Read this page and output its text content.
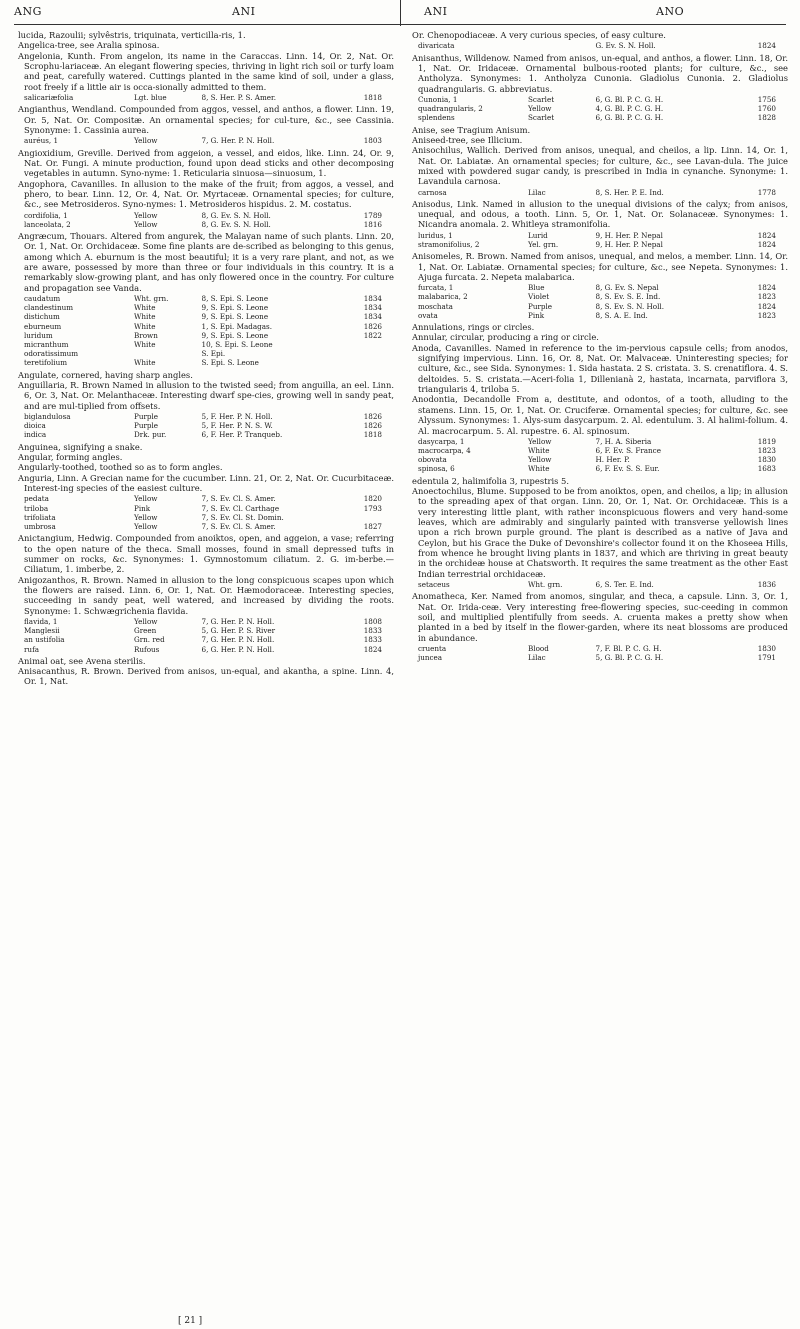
ANG	ANI	ANI	ANO

lucida, Razoulii; sylvêstris, triquinata, verticilla-ris, 1.

Angelica-tree, see Aralia spinosa.

Angelonia, Kunth. From angelon, its name in the Caraccas. Linn. 14, Or. 2, Nat. Or. Scrophu-lariaceæ. An elegant flowering species, thriving in light rich soil or turfy loam and peat, carefully watered. Cuttings planted in the same kind of soil, under a glass, root freely if a little air is occa-sionally admitted to them.

salicariæfolia	Lgt. blue	8, S. Her. P. S. Amer.	1818

Angianthus, Wendland. Compounded from aggos, vessel, and anthos, a flower. Linn. 19, Or. 5, Nat. Or. Compositæ. An ornamental species; for cul-ture, &c., see Cassinia. Synonyme: 1. Cassinia aurea.

auréus, 1	Yellow	7, G. Her. P. N. Holl.	1803

Angioxidium, Greville. Derived from aggeion, a vessel, and eidos, like. Linn. 24, Or. 9, Nat. Or. Fungi. A minute production, found upon dead sticks and other decomposing vegetables in autumn. Syno-nyme: 1. Reticularia sinuosa—sinuosum, 1.

Angophora, Cavanilles. In allusion to the make of the fruit; from aggos, a vessel, and phero, to bear. Linn. 12, Or. 4, Nat. Or. Myrtaceæ. Ornamental species; for culture, &c., see Metrosideros. Syno-nymes: 1. Metrosideros hispidus. 2. M. costatus.

cordifolia, 1	Yellow	8, G. Ev. S. N. Holl.	1789
lanceolata, 2	Yellow	8, G. Ev. S. N. Holl.	1816

Angræcum, Thouars. Altered from angurek, the Malayan name of such plants. Linn. 20, Or. 1, Nat. Or. Orchidaceæ. Some fine plants are de-scribed as belonging to this genus, among which A. eburnum is the most beautiful; it is a very rare plant, and not, as we are aware, possessed by more than three or four individuals in this country. It is a remarkably slow-growing plant, and has only flowered once in the country. For culture and propagation see Vanda.

caudatum	Wht. grn.	8, S. Epi. S. Leone	1834
clandestinum	White	9, S. Epi. S. Leone	1834
distichum	White	9, S. Epi. S. Leone	1834
eburneum	White	1, S. Epi. Madagas.	1826
luridum	Brown	9, S. Epi. S. Leone	1822
micranthum	White	10, S. Epi. S. Leone	
odoratissimum		S. Epi.	
teretifolium	White	S. Epi. S. Leone	

Angulate, cornered, having sharp angles.

Anguillaria, R. Brown Named in allusion to the twisted seed; from anguilla, an eel. Linn. 6, Or. 3, Nat. Or. Melanthaceæ. Interesting dwarf spe-cies, growing well in sandy peat, and are mul-tiplied from offsets.

biglandulosa	Purple	5, F. Her. P. N. Holl.	1826
dioica	Purple	5, F. Her. P. N. S. W.	1826
indica	Drk. pur.	6, F. Her. P. Tranqueb.	1818

Anguinea, signifying a snake.

Angular, forming angles.

Angularly-toothed, toothed so as to form angles.

Anguria, Linn. A Grecian name for the cucumber. Linn. 21, Or. 2, Nat. Or. Cucurbitaceæ. Interest-ing species of the easiest culture.

pedata	Yellow	7, S. Ev. Cl. S. Amer.	1820
triloba	Pink	7, S. Ev. Cl. Carthage	1793
trifoliata	Yellow	7, S. Ev. Cl. St. Domin.	
umbrosa	Yellow	7, S. Ev. Cl. S. Amer.	1827

Anictangium, Hedwig. Compounded from anoiktos, open, and aggeion, a vase; referring to the open nature of the theca. Small mosses, found in small depressed tufts in summer on rocks, &c. Synonymes: 1. Gymnostomum ciliatum. 2. G. im-berbe.—Ciliatum, 1. imberbe, 2.

Anigozanthos, R. Brown. Named in allusion to the long conspicuous scapes upon which the flowers are raised. Linn. 6, Or. 1, Nat. Or. Hæmodoraceæ. Interesting species, succeeding in sandy peat, well watered, and increased by dividing the roots. Synonyme: 1. Schwægrichenia flavida.

flavida, 1	Yellow	7, G. Her. P. N. Holl.	1808
Manglesii	Green	5, G. Her. P. S. River	1833
an ustifolia	Grn. red	7, G. Her. P. N. Holl.	1833
rufa	Rufous	6, G. Her. P. N. Holl.	1824

Animal oat, see Avena sterilis.

Anisacanthus, R. Brown. Derived from anisos, un-equal, and akantha, a spine. Linn. 4, Or. 1, Nat.

Or. Chenopodiaceæ. A very curious species, of easy culture.

divaricata		G. Ev. S. N. Holl.	1824

Anisanthus, Willdenow. Named from anisos, un-equal, and anthos, a flower. Linn. 18, Or. 1, Nat. Or. Iridaceæ. Ornamental bulbous-rooted plants; for culture, &c., see Antholyza. Synonymes: 1. Antholyza Cunonia. Gladiolus Cunonia. 2. Gladiolus quadrangularis. G. abbreviatus.

Cunonia, 1	Scarlet	6, G. Bl. P. C. G. H.	1756
quadrangularis, 2	Yellow	4, G. Bl. P. C. G. H.	1760
splendens	Scarlet	6, G. Bl. P. C. G. H.	1828

Anise, see Tragium Anisum.

Aniseed-tree, see Illicium.

Anisochilus, Wallich. Derived from anisos, unequal, and cheilos, a lip. Linn. 14, Or. 1, Nat. Or. Labiatæ. An ornamental species; for culture, &c., see Lavan-dula. The juice mixed with powdered sugar candy, is prescribed in India in cynanche. Synonyme: 1. Lavandula carnosa.

carnosa	Lilac	8, S. Her. P. E. Ind.	1778

Anisodus, Link. Named in allusion to the unequal divisions of the calyx; from anisos, unequal, and odous, a tooth. Linn. 5, Or. 1, Nat. Or. Solanaceæ. Synonymes: 1. Nicandra anomala. 2. Whitleya stramonifolia.

luridus, 1	Lurid	9, H. Her. P. Nepal	1824
stramonifolius, 2	Yel. grn.	9, H. Her. P. Nepal	1824

Anisomeles, R. Brown. Named from anisos, unequal, and melos, a member. Linn. 14, Or. 1, Nat. Or. Labiatæ. Ornamental species; for culture, &c., see Nepeta. Synonymes: 1. Ajuga furcata. 2. Nepeta malabarica.

furcata, 1	Blue	8, G. Ev. S. Nepal	1824
malabarica, 2	Violet	8, S. Ev. S. E. Ind.	1823
moschata	Purple	8, S. Ev. S. N. Holl.	1824
ovata	Pink	8, S. A. E. Ind.	1823

Annulations, rings or circles.

Annular, circular, producing a ring or circle.

Anoda, Cavanilles. Named in reference to the im-pervious capsule cells; from anodos, signifying impervious. Linn. 16, Or. 8, Nat. Or. Malvaceæ. Uninteresting species; for culture, &c., see Sida. Synonymes: 1. Sida hastata. 2 S. cristata. 3. S. crenatiflora. 4. S. deltoides. 5. S. cristata.—Aceri-folia 1, Dillenianà 2, hastata, incarnata, parviflora 3, triangularis 4, triloba 5.

Anodontia, Decandolle From a, destitute, and odontos, of a tooth, alluding to the stamens. Linn. 15, Or. 1, Nat. Or. Cruciferæ. Ornamental species; for culture, &c. see Alyssum. Synonymes: 1. Alys-sum dasycarpum. 2. Al. edentulum. 3. Al halimi-folium. 4. Al. macrocarpum. 5. Al. rupestre. 6. Al. spinosum.

dasycarpa, 1	Yellow	7, H. A. Siberia	1819
macrocarpa, 4	White	6, F. Ev. S. France	1823
obovata	Yellow	H. Her. P.	1830
spinosa, 6	White	6, F. Ev. S. S. Eur.	1683

edentula 2, halimifolia 3, rupestris 5.

Anoectochilus, Blume. Supposed to be from anoiktos, open, and cheilos, a lip; in allusion to the spreading apex of that organ. Linn. 20, Or. 1, Nat. Or. Orchidaceæ. This is a very interesting little plant, with rather inconspicuous flowers and very hand-some leaves, which are admirably and singularly painted with transverse yellowish lines upon a rich brown purple ground. The plant is described as a native of Java and Ceylon, but his Grace the Duke of Devonshire's collector found it on the Khoseea Hills, from whence he brought living plants in 1837, and which are thriving in great beauty in the orchideæ house at Chatsworth. It requires the same treatment as the other East Indian terrestrial orchidaceæ.

setaceus	Wht. grn.	6, S. Ter. E. Ind.	1836

Anomatheca, Ker. Named from anomos, singular, and theca, a capsule. Linn. 3, Or. 1, Nat. Or. Irida-ceæ. Very interesting free-flowering species, suc-ceeding in common soil, and multiplied plentifully from seeds. A. cruenta makes a pretty show when planted in a bed by itself in the flower-garden, where its neat blossoms are produced in abundance.

cruenta	Blood	7, F. Bl. P. C. G. H.	1830
juncea	Lilac	5, G. Bl. P. C. G. H.	1791
[ 21 ]
